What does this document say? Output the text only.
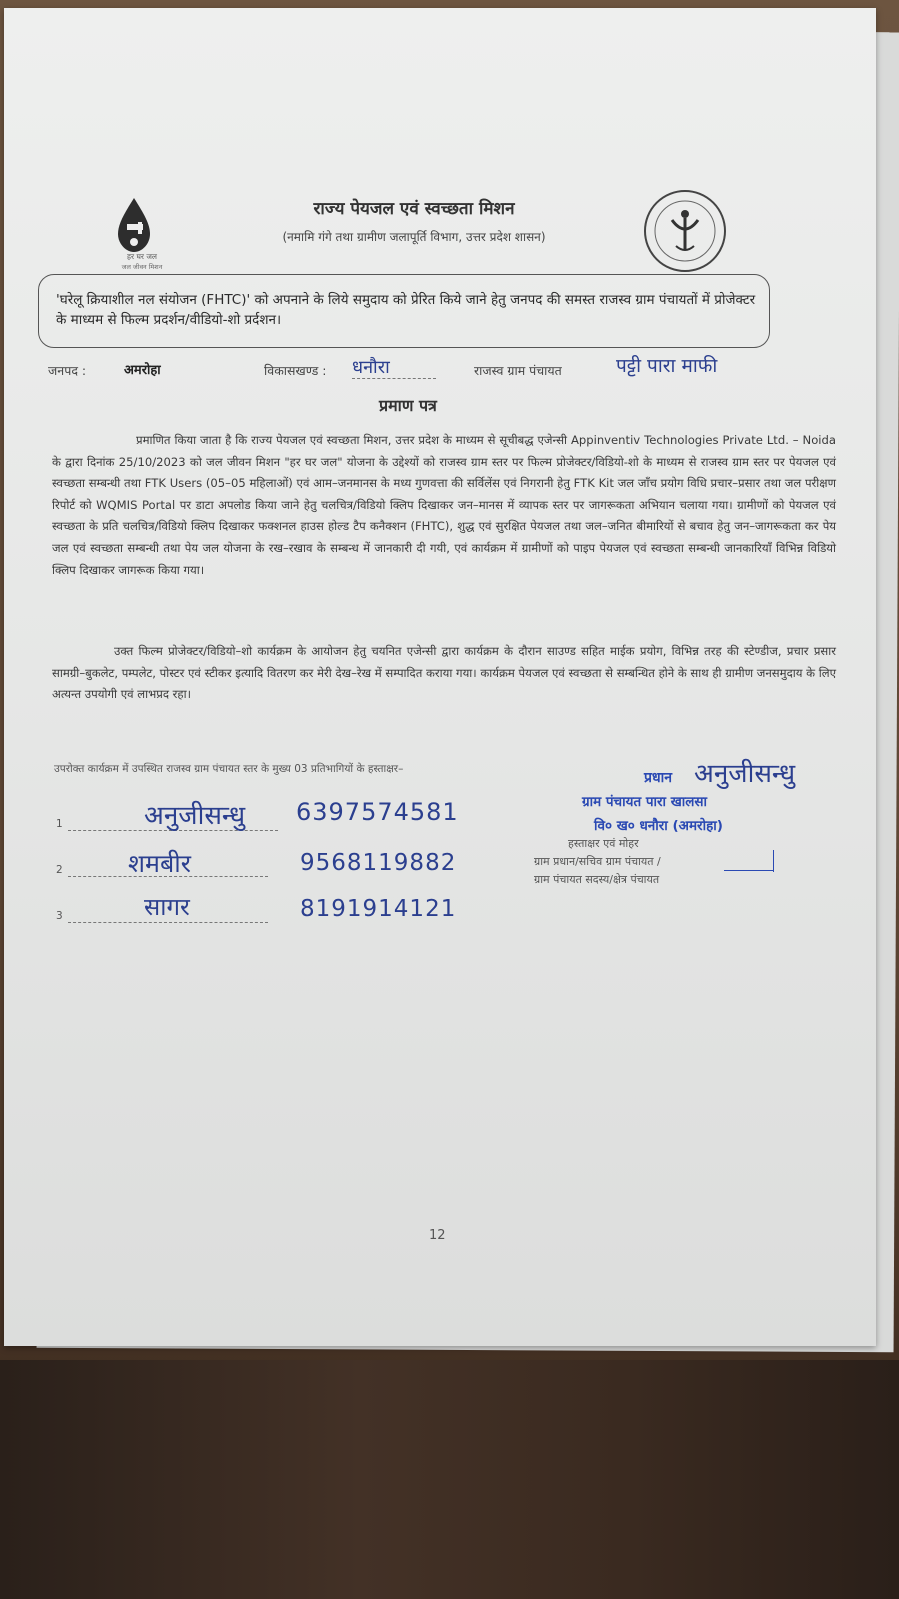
हर घर जल
जल जीवन मिशन
राज्य पेयजल एवं स्वच्छता मिशन
(नमामि गंगे तथा ग्रामीण जलापूर्ति विभाग, उत्तर प्रदेश शासन)
'घरेलू क्रियाशील नल संयोजन (FHTC)' को अपनाने के लिये समुदाय को प्रेरित किये जाने हेतु जनपद की समस्त राजस्व ग्राम पंचायतों में प्रोजेक्टर के माध्यम से फिल्म प्रदर्शन/वीडियो-शो प्रर्दशन।
जनपद :	अमरोहा	विकासखण्ड : धनौरा	राजस्व ग्राम पंचायत	पट्टी पारा माफी
प्रमाण पत्र
प्रमाणित किया जाता है कि राज्य पेयजल एवं स्वच्छता मिशन, उत्तर प्रदेश के माध्यम से सूचीबद्ध एजेन्सी Appinventiv Technologies Private Ltd. – Noida के द्वारा दिनांक 25/10/2023 को जल जीवन मिशन "हर घर जल" योजना के उद्देश्यों को राजस्व ग्राम स्तर पर फिल्म प्रोजेक्टर/विडियो-शो के माध्यम से राजस्व ग्राम स्तर पर पेयजल एवं स्वच्छता सम्बन्धी तथा FTK Users (05–05 महिलाओं) एवं आम–जनमानस के मध्य गुणवत्ता की सर्विलेंस एवं निगरानी हेतु FTK Kit जल जाँच प्रयोग विधि प्रचार–प्रसार तथा जल परीक्षण रिपोर्ट को WQMIS Portal पर डाटा अपलोड किया जाने हेतु चलचित्र/विडियो क्लिप दिखाकर जन–मानस में व्यापक स्तर पर जागरूकता अभियान चलाया गया। ग्रामीणों को पेयजल एवं स्वच्छता के प्रति चलचित्र/विडियो क्लिप दिखाकर फक्शनल हाउस होल्ड टैप कनैक्शन (FHTC), शुद्ध एवं सुरक्षित पेयजल तथा जल–जनित बीमारियों से बचाव हेतु जन–जागरूकता कर पेय जल एवं स्वच्छता सम्बन्धी तथा पेय जल योजना के रख–रखाव के सम्बन्ध में जानकारी दी गयी, एवं कार्यक्रम में ग्रामीणों को पाइप पेयजल एवं स्वच्छता सम्बन्धी जानकारियाँ विभिन्न विडियो क्लिप दिखाकर जागरूक किया गया।
उक्त फिल्म प्रोजेक्टर/विडियो–शो कार्यक्रम के आयोजन हेतु चयनित एजेन्सी द्वारा कार्यक्रम के दौरान साउण्ड सहित माईक प्रयोग, विभिन्न तरह की स्टेण्डीज, प्रचार प्रसार सामग्री–बुकलेट, पम्पलेट, पोस्टर एवं स्टीकर इत्यादि वितरण कर मेरी देख–रेख में सम्पादित कराया गया। कार्यक्रम पेयजल एवं स्वच्छता से सम्बन्धित होने के साथ ही ग्रामीण जनसमुदाय के लिए अत्यन्त उपयोगी एवं लाभप्रद रहा।
उपरोक्त कार्यक्रम में उपस्थित राजस्व ग्राम पंचायत स्तर के मुख्य 03 प्रतिभागियों के हस्ताक्षर–
1	अनुजीसन्धु 6397574581
2	शमबीर	9568119882
3	सागर	8191914121
प्रधान अनुजीसन्धु
ग्राम पंचायत पारा खालसा
वि० ख० धनौरा (अमरोहा)
हस्ताक्षर एवं मोहर
ग्राम प्रधान/सचिव ग्राम पंचायत /
ग्राम पंचायत सदस्य/क्षेत्र पंचायत
12
